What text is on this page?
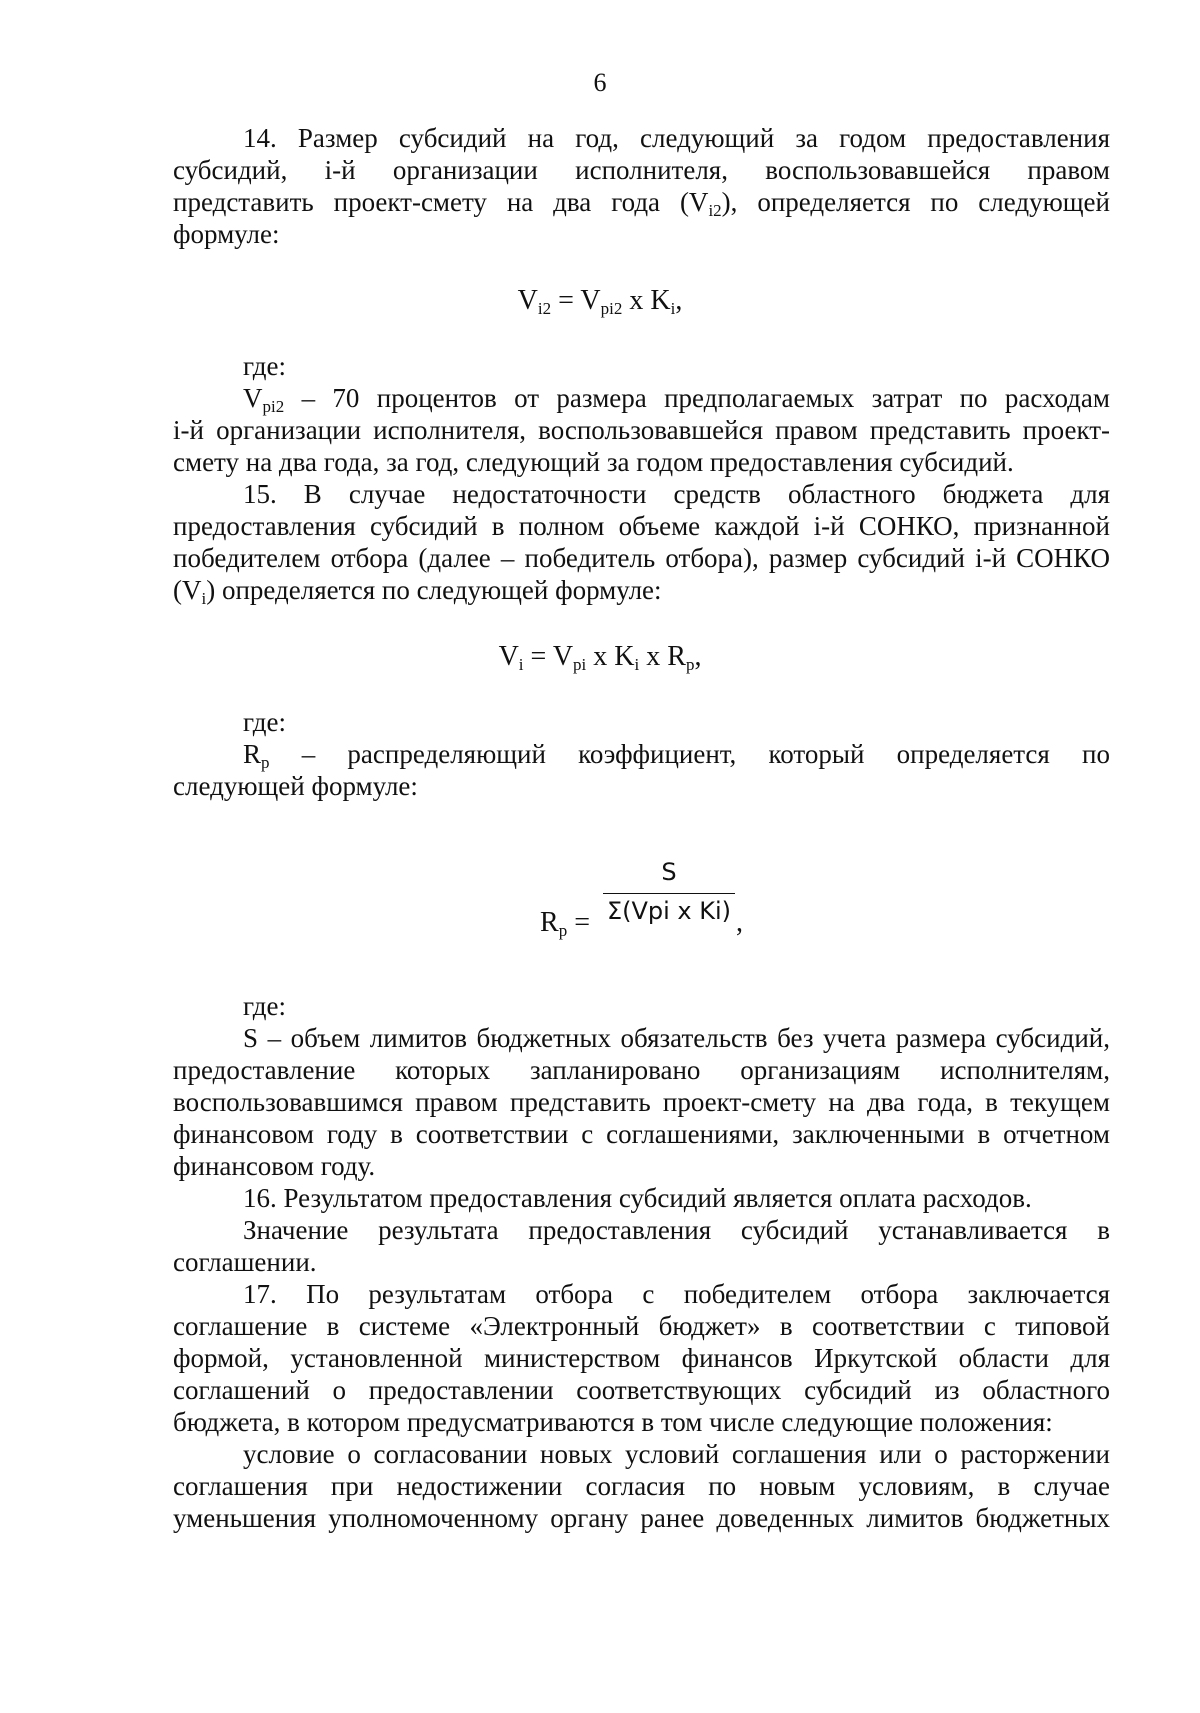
6
14. Размер субсидий на год, следующий за годом предоставления
субсидий, i-й организации исполнителя, воспользовавшейся правом
представить проект-смету на два года $(V_{i2})$, определяется по следующей
формуле:
$V_{i2} = V_{pi2}$ x $K_i$,
где:
$V_{pi2} - 70$ процентов от размера предполагаемых затрат по расходам
i-й организации исполнителя, воспользовавшейся правом представить проект-
смету на два года, за год, следующий за годом предоставления субсидий.
15. В случае недостаточности средств областного бюджета для
предоставления субсидий в полном объеме каждой i-й СОНКО, признанной
победителем отбора (далее – победитель отбора), размер субсидий i-й СОНКО
$(V_i)$ определяется по следующей формуле:
$V_i = V_{pi}$ x $K_i$ x $R_p$,
где:
$R_p$ – распределяющий коэффициент, который определяется по
следующей формуле:
$R_p$ =
S
Σ(Vpi x Ki) ,
где:
S – объем лимитов бюджетных обязательств без учета размера субсидий,
предоставление которых запланировано организациям исполнителям,
воспользовавшимся правом представить проект-смету на два года, в текущем
финансовом году в соответствии с соглашениями, заключенными в отчетном
финансовом году.
16. Результатом предоставления субсидий является оплата расходов.
Значение результата предоставления субсидий устанавливается в
соглашении.
17. По результатам отбора с победителем отбора заключается
соглашение в системе «Электронный бюджет» в соответствии с типовой
формой, установленной министерством финансов Иркутской области для
соглашений о предоставлении соответствующих субсидий из областного
бюджета, в котором предусматриваются в том числе следующие положения:
условие о согласовании новых условий соглашения или о расторжении
соглашения при недостижении согласия по новым условиям, в случае
уменьшения уполномоченному органу ранее доведенных лимитов бюджетных
